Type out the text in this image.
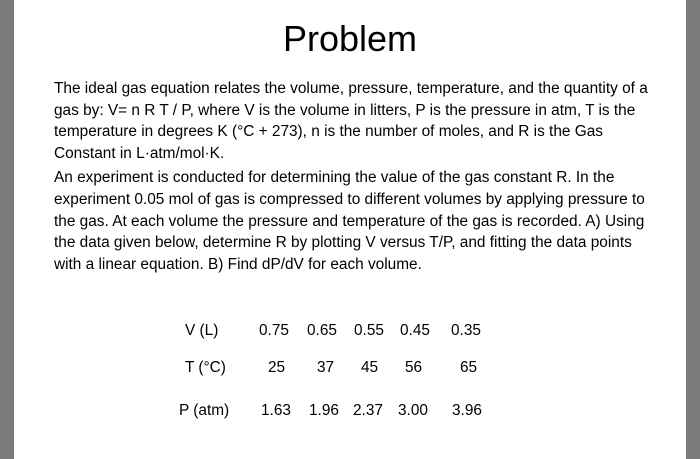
Problem

The ideal gas equation relates the volume, pressure, temperature, and the quantity of a gas by: V= n R T / P, where V is the volume in litters, P is the pressure in atm, T is the temperature in degrees K (°C + 273), n is the number of moles, and R is the Gas Constant in L·atm/mol·K.

An experiment is conducted for determining the value of the gas constant R. In the experiment 0.05 mol of gas is compressed to different volumes by applying pressure to the gas. At each volume the pressure and temperature of the gas is recorded. A) Using the data given below, determine R by plotting V versus T/P, and fitting the data points with a linear equation. B) Find dP/dV for each volume.

V (L)	0.75 0.65 0.55 0.45 0.35
T (°C)	25 37 45 56 65
P (atm) 1.63 1.96 2.37 3.00 3.96
